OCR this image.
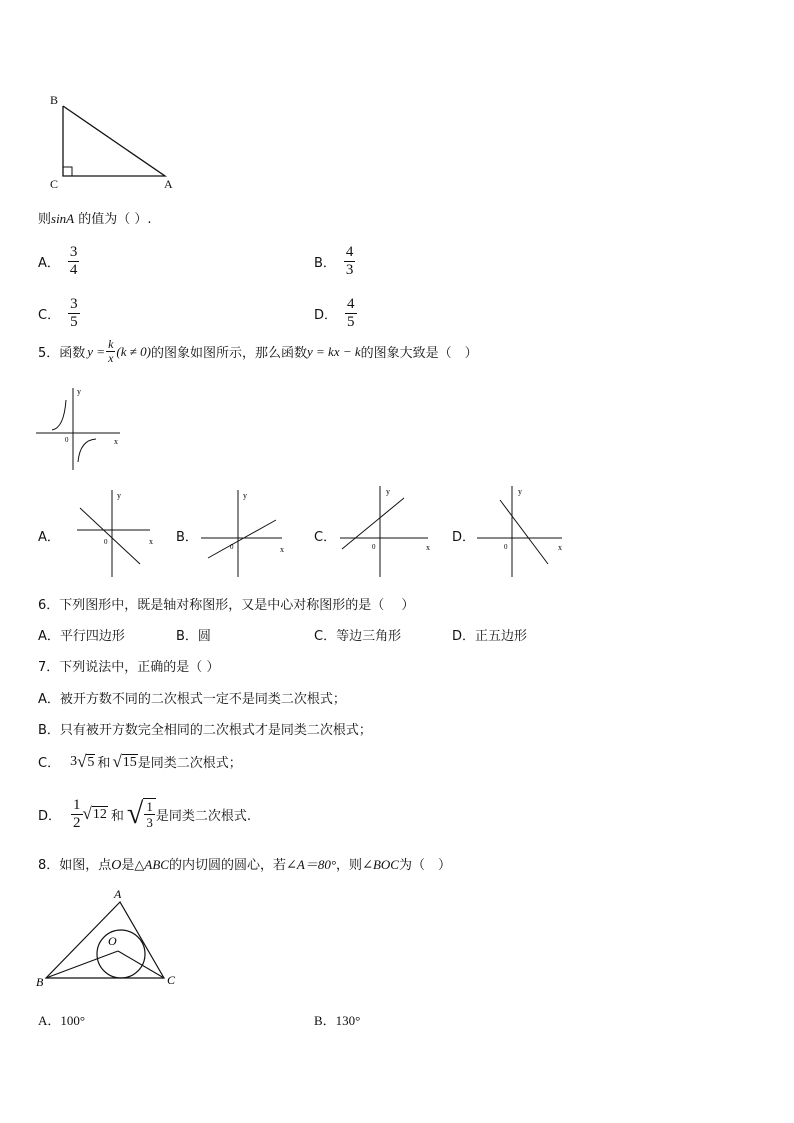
B
C	A
则sinA 的值为（ ）.
A． $\frac{3}{4}$	B． $\frac{4}{3}$
C． $\frac{3}{5}$	D． $\frac{4}{5}$
5．函数 $y = \frac{k}{x} (k \ne 0)$ 的图象如图所示，那么函数 y = kx − k 的图象大致是（　）
y
x
0
A．
y
x
0	B．
y
x
0
C．
y
x
0
D．
y
x
0
6．下列图形中，既是轴对称图形，又是中心对称图形的是（　 ）
A．平行四边形	B．圆	C．等边三角形	D．正五边形
7．下列说法中，正确的是（ ）
A．被开方数不同的二次根式一定不是同类二次根式；
B．只有被开方数完全相同的二次根式才是同类二次根式；
C． 3 √ 5 和 √ 15 是同类二次根式；
D． $\frac{1}{2}$ √ 12 和 √ $\frac{1}{3}$ 是同类二次根式.
8．如图，点O是△ABC的内切圆的圆心，若∠A＝80°，则∠BOC为（　）
A
B	C
O
A．100°	B．130°
